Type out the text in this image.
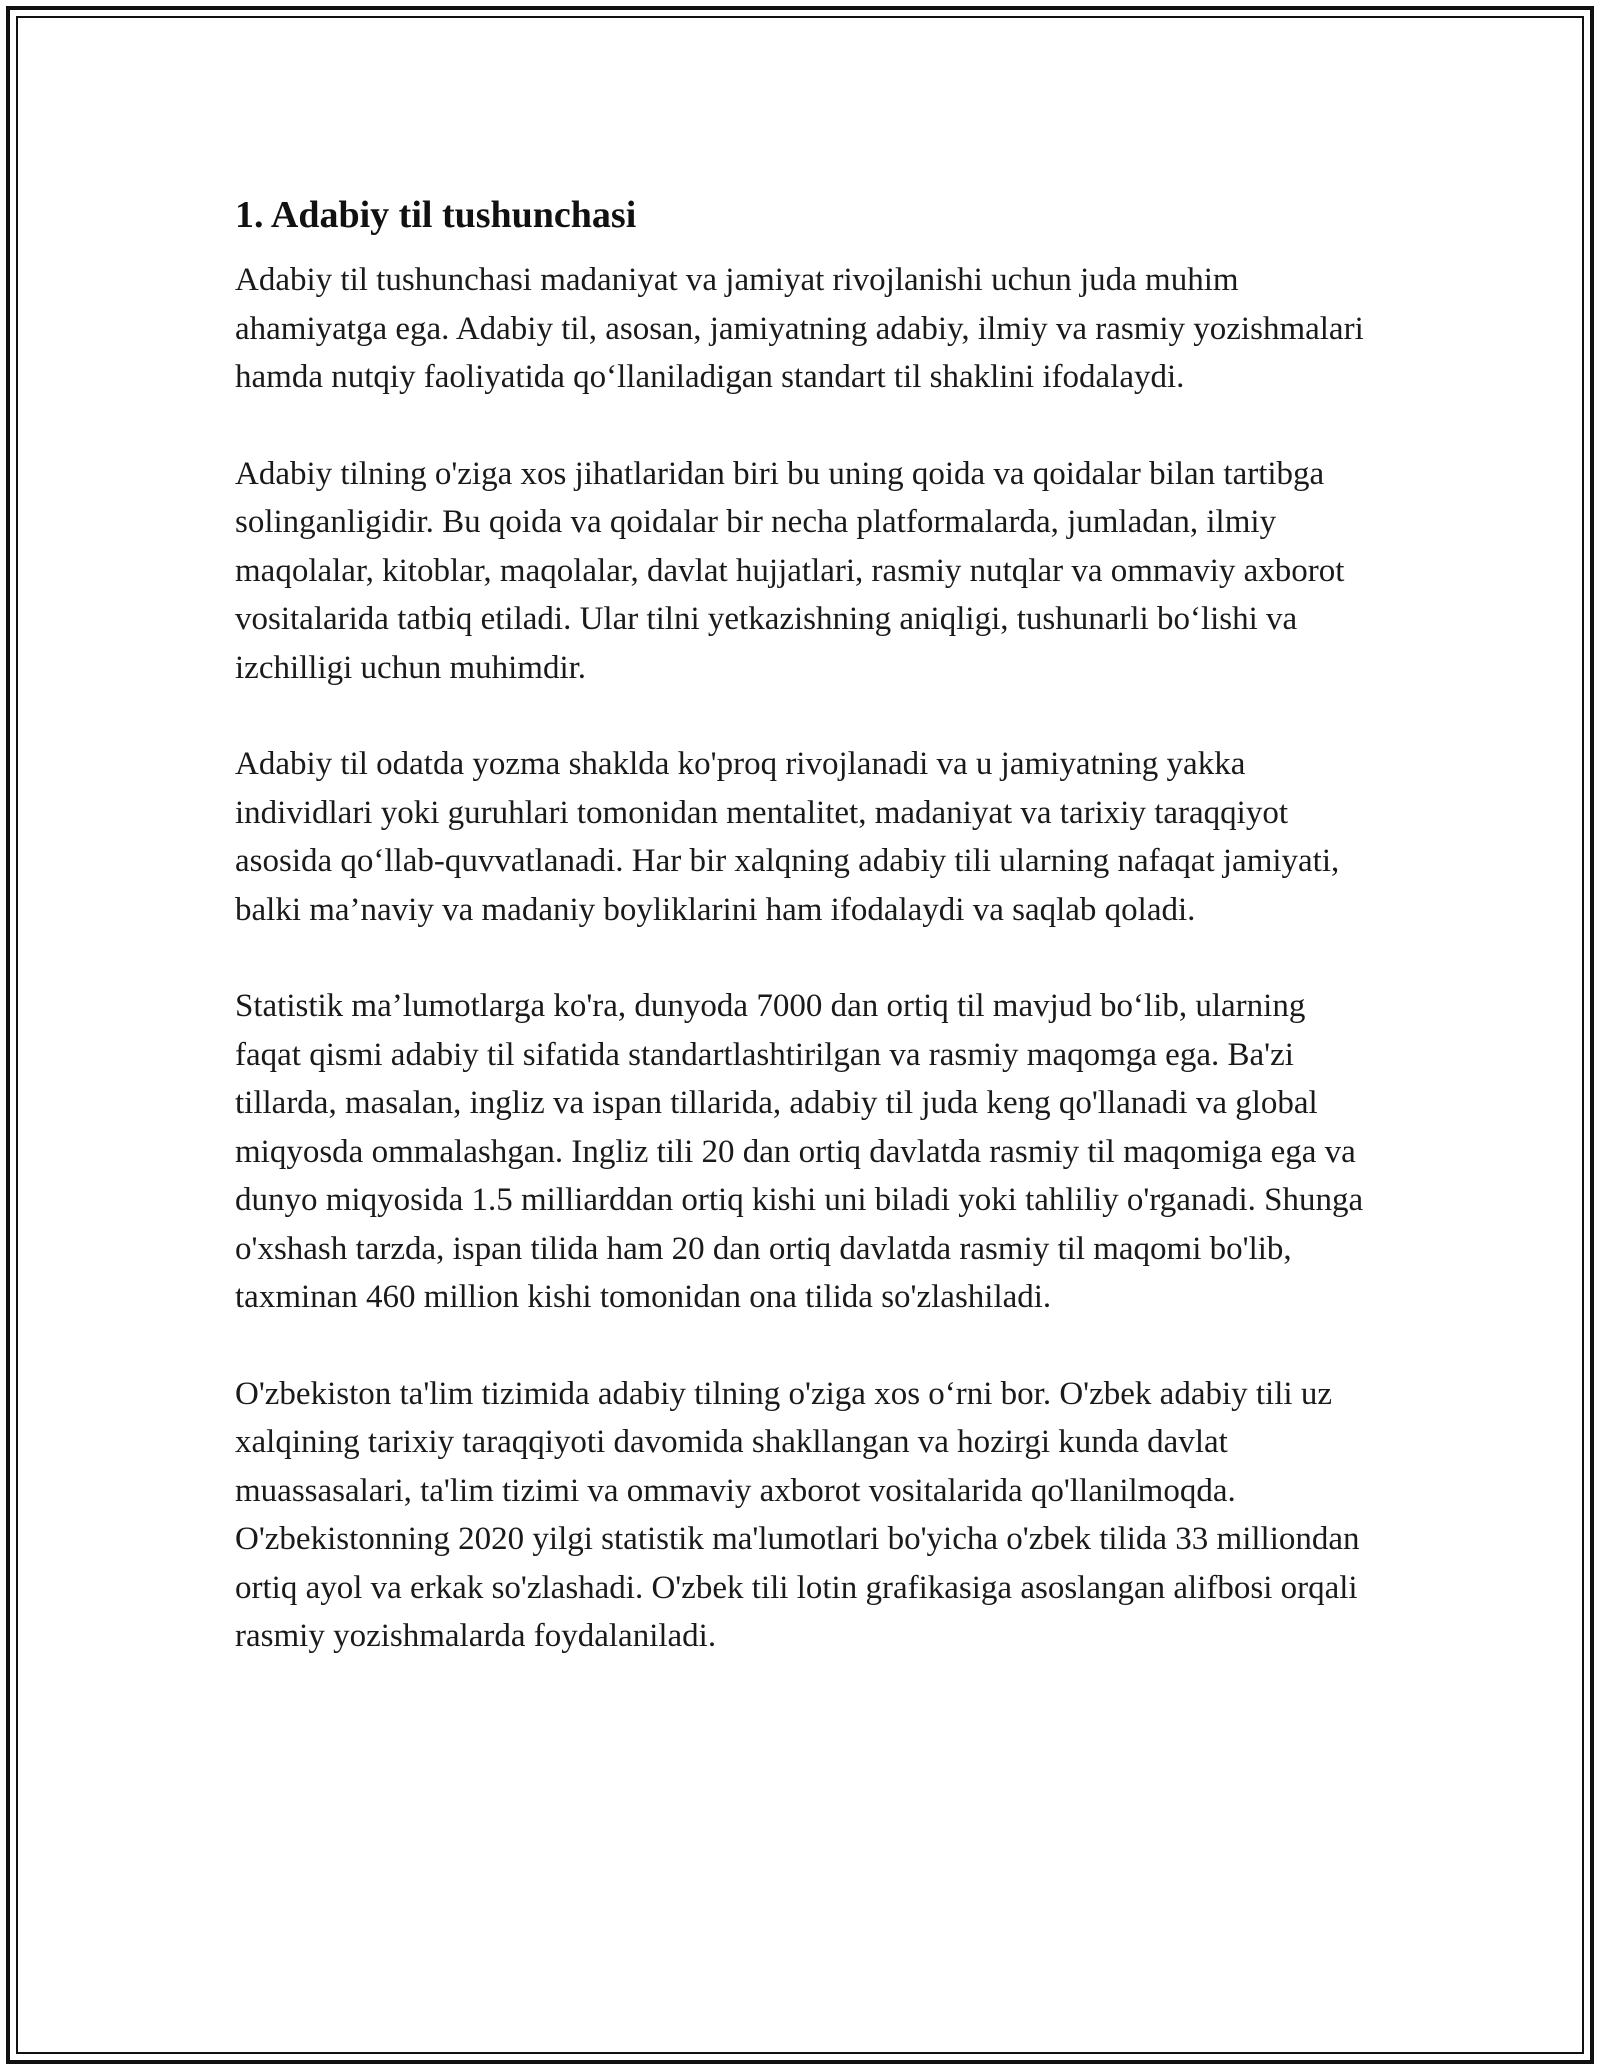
1. Adabiy til tushunchasi

Adabiy til tushunchasi madaniyat va jamiyat rivojlanishi uchun juda muhim ahamiyatga ega. Adabiy til, asosan, jamiyatning adabiy, ilmiy va rasmiy yozishmalari hamda nutqiy faoliyatida qo‘llaniladigan standart til shaklini ifodalaydi.

Adabiy tilning o'ziga xos jihatlaridan biri bu uning qoida va qoidalar bilan tartibga solinganligidir. Bu qoida va qoidalar bir necha platformalarda, jumladan, ilmiy maqolalar, kitoblar, maqolalar, davlat hujjatlari, rasmiy nutqlar va ommaviy axborot vositalarida tatbiq etiladi. Ular tilni yetkazishning aniqligi, tushunarli bo‘lishi va izchilligi uchun muhimdir.

Adabiy til odatda yozma shaklda ko'proq rivojlanadi va u jamiyatning yakka individlari yoki guruhlari tomonidan mentalitet, madaniyat va tarixiy taraqqiyot asosida qo‘llab-quvvatlanadi. Har bir xalqning adabiy tili ularning nafaqat jamiyati, balki ma’naviy va madaniy boyliklarini ham ifodalaydi va saqlab qoladi.

Statistik ma’lumotlarga ko'ra, dunyoda 7000 dan ortiq til mavjud bo‘lib, ularning faqat qismi adabiy til sifatida standartlashtirilgan va rasmiy maqomga ega. Ba'zi tillarda, masalan, ingliz va ispan tillarida, adabiy til juda keng qo'llanadi va global miqyosda ommalashgan. Ingliz tili 20 dan ortiq davlatda rasmiy til maqomiga ega va dunyo miqyosida 1.5 milliarddan ortiq kishi uni biladi yoki tahliliy o'rganadi. Shunga o'xshash tarzda, ispan tilida ham 20 dan ortiq davlatda rasmiy til maqomi bo'lib, taxminan 460 million kishi tomonidan ona tilida so'zlashiladi.

O'zbekiston ta'lim tizimida adabiy tilning o'ziga xos o‘rni bor. O'zbek adabiy tili uz xalqining tarixiy taraqqiyoti davomida shakllangan va hozirgi kunda davlat muassasalari, ta'lim tizimi va ommaviy axborot vositalarida qo'llanilmoqda. O'zbekistonning 2020 yilgi statistik ma'lumotlari bo'yicha o'zbek tilida 33 milliondan ortiq ayol va erkak so'zlashadi. O'zbek tili lotin grafikasiga asoslangan alifbosi orqali rasmiy yozishmalarda foydalaniladi.
